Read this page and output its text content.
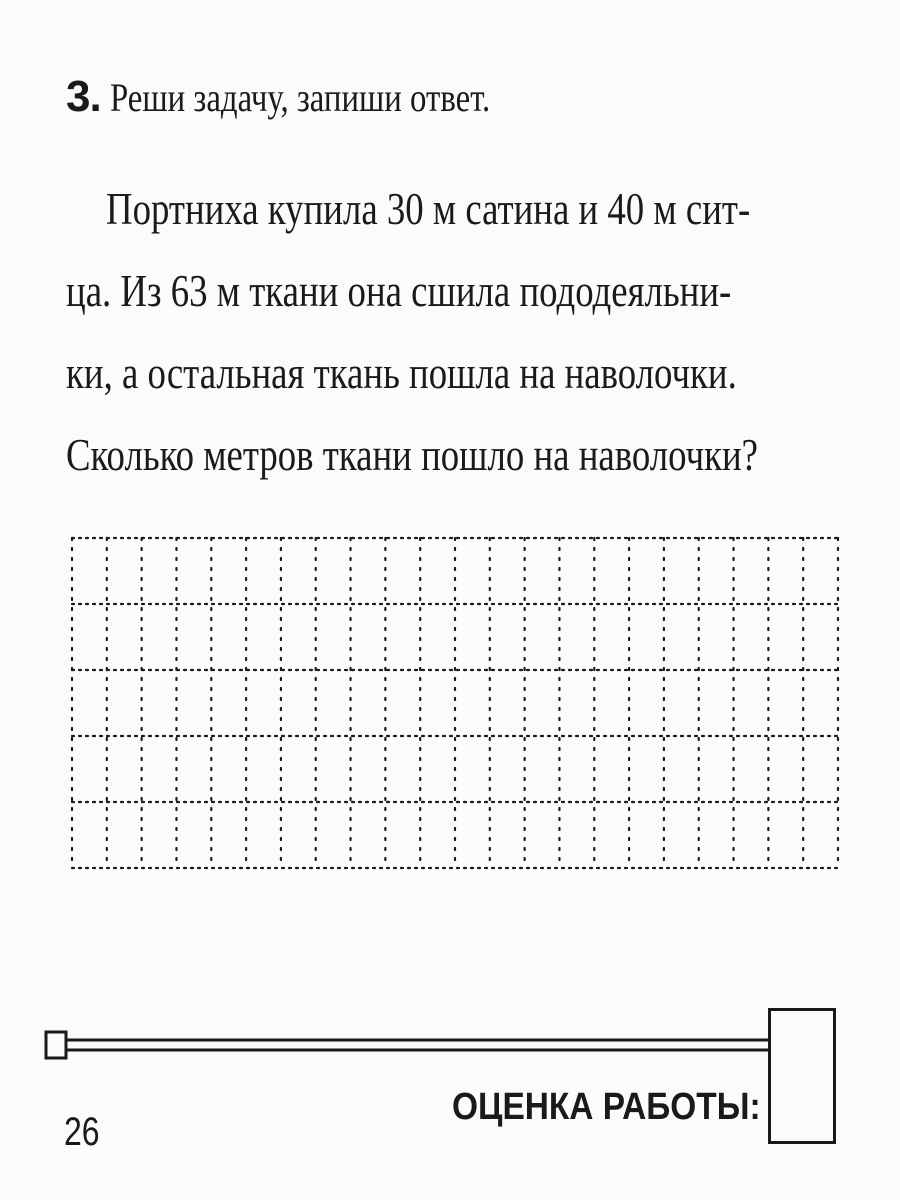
3 . Реши задачу, запиши ответ.
Портниха купила 30 м сатина и 40 м сит-
ца. Из 63 м ткани она сшила пододеяльни-
ки, а остальная ткань пошла на наволочки.
Сколько метров ткани пошло на наволочки?
ОЦЕНКА РАБОТЫ:
26
